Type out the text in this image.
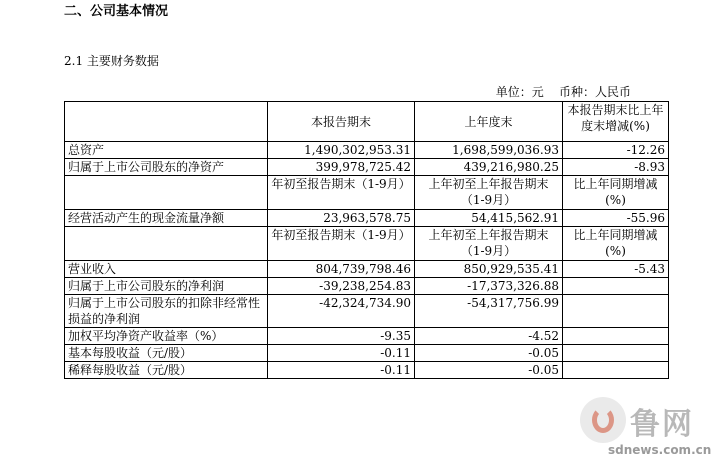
二、公司基本情况
2.1 主要财务数据
单位：元 币种：人民币
	本报告期末	上年度末	本报告期末比上年度末增减(%)
总资产	1,490,302,953.31	1,698,599,036.93	-12.26
归属于上市公司股东的净资产	399,978,725.42	439,216,980.25	-8.93
	年初至报告期末（1-9月）	上年初至上年报告期末（1-9月）	比上年同期增减(%)
经营活动产生的现金流量净额	23,963,578.75	54,415,562.91	-55.96
	年初至报告期末（1-9月）	上年初至上年报告期末（1-9月）	比上年同期增减(%)
营业收入	804,739,798.46	850,929,535.41	-5.43
归属于上市公司股东的净利润	-39,238,254.83	-17,373,326.88	
归属于上市公司股东的扣除非经常性损益的净利润	-42,324,734.90	-54,317,756.99	
加权平均净资产收益率（%）	-9.35	-4.52	
基本每股收益（元/股）	-0.11	-0.05	
稀释每股收益（元/股）	-0.11	-0.05	
鲁网
sdnews.com.cn
